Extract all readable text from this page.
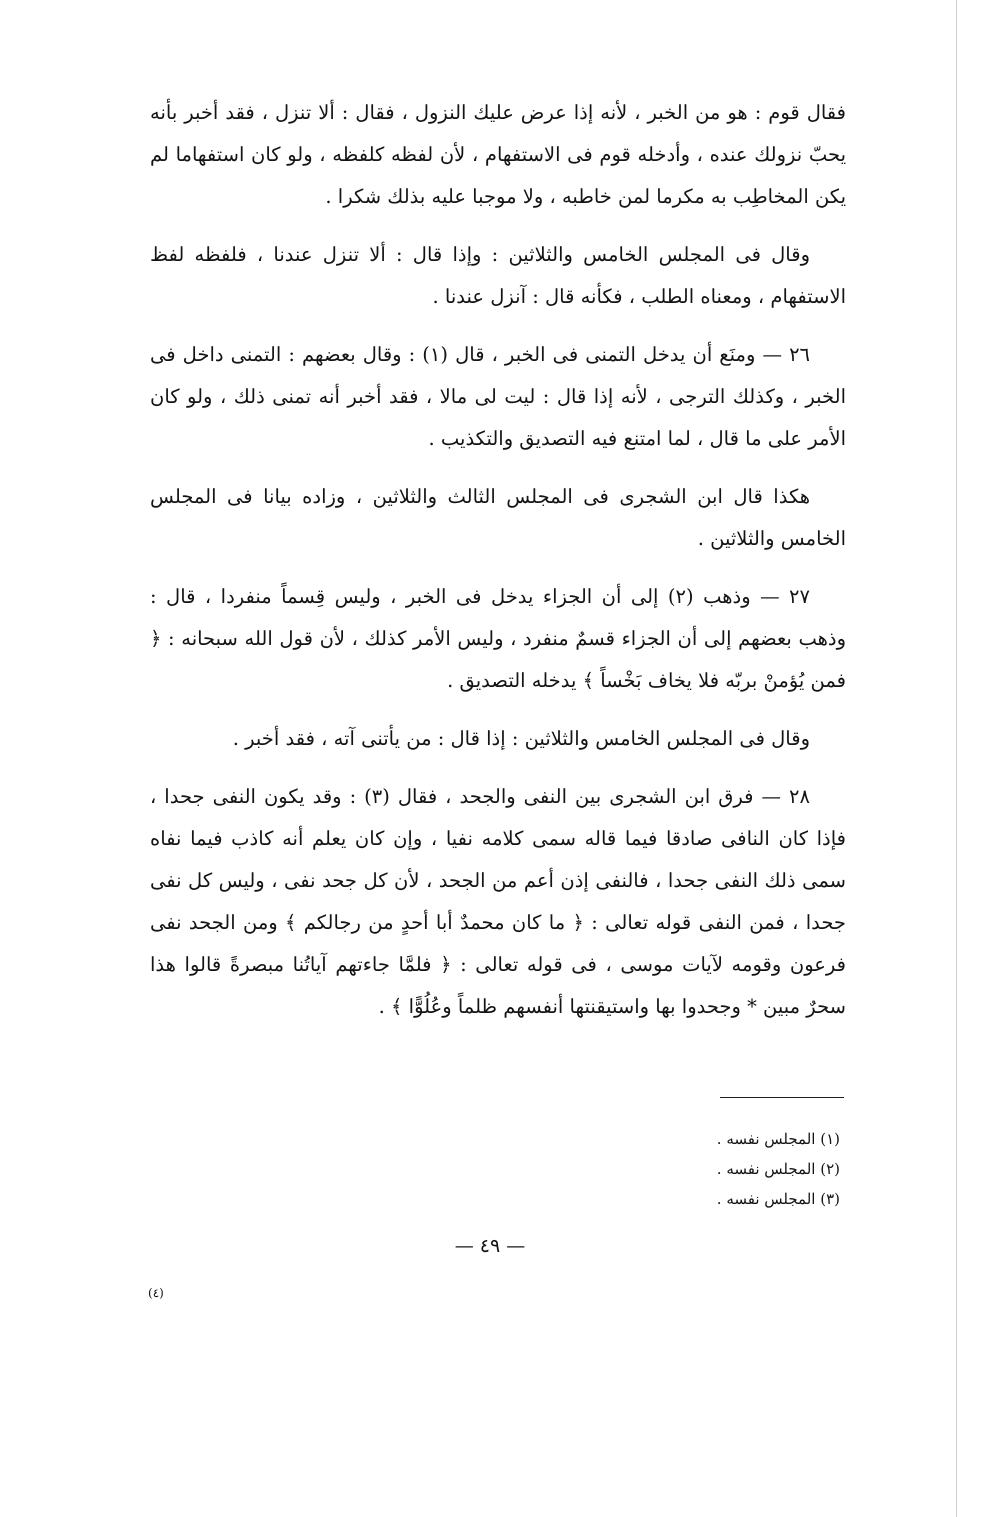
فقال قوم : هو من الخبر ، لأنه إذا عرض عليك النزول ، فقال : ألا تنزل ، فقد أخبر بأنه يحبّ نزولك عنده ، وأدخله قوم فى الاستفهام ، لأن لفظه كلفظه ، ولو كان استفهاما لم يكن المخاطِب به مكرما لمن خاطبه ، ولا موجبا عليه بذلك شكرا .

وقال فى المجلس الخامس والثلاثين : وإذا قال : ألا تنزل عندنا ، فلفظه لفظ الاستفهام ، ومعناه الطلب ، فكأنه قال : آنزل عندنا .

٢٦ — ومنَع أن يدخل التمنى فى الخبر ، قال (١) : وقال بعضهم : التمنى داخل فى الخبر ، وكذلك الترجى ، لأنه إذا قال : ليت لى مالا ، فقد أخبر أنه تمنى ذلك ، ولو كان الأمر على ما قال ، لما امتنع فيه التصديق والتكذيب .

هكذا قال ابن الشجرى فى المجلس الثالث والثلاثين ، وزاده بيانا فى المجلس الخامس والثلاثين .

٢٧ — وذهب (٢) إلى أن الجزاء يدخل فى الخبر ، وليس قِسماً منفردا ، قال : وذهب بعضهم إلى أن الجزاء قسمٌ منفرد ، وليس الأمر كذلك ، لأن قول الله سبحانه : ﴿ فمن يُؤمنْ بربّه فلا يخاف بَخْساً ﴾ يدخله التصديق .

وقال فى المجلس الخامس والثلاثين : إذا قال : من يأتنى آته ، فقد أخبر .

٢٨ — فرق ابن الشجرى بين النفى والجحد ، فقال (٣) : وقد يكون النفى جحدا ، فإذا كان النافى صادقا فيما قاله سمى كلامه نفيا ، وإن كان يعلم أنه كاذب فيما نفاه سمى ذلك النفى جحدا ، فالنفى إذن أعم من الجحد ، لأن كل جحد نفى ، وليس كل نفى جحدا ، فمن النفى قوله تعالى : ﴿ ما كان محمدٌ أبا أحدٍ من رجالكم ﴾ ومن الجحد نفى فرعون وقومه لآيات موسى ، فى قوله تعالى : ﴿ فلمَّا جاءتهم آياتُنا مبصرةً قالوا هذا سحرٌ مبين * وجحدوا بها واستيقنتها أنفسهم ظلماً وعُلُوًّا ﴾ .

(١) المجلس نفسه .

(٢) المجلس نفسه .

(٣) المجلس نفسه .

— ٤٩ —
(٤)
